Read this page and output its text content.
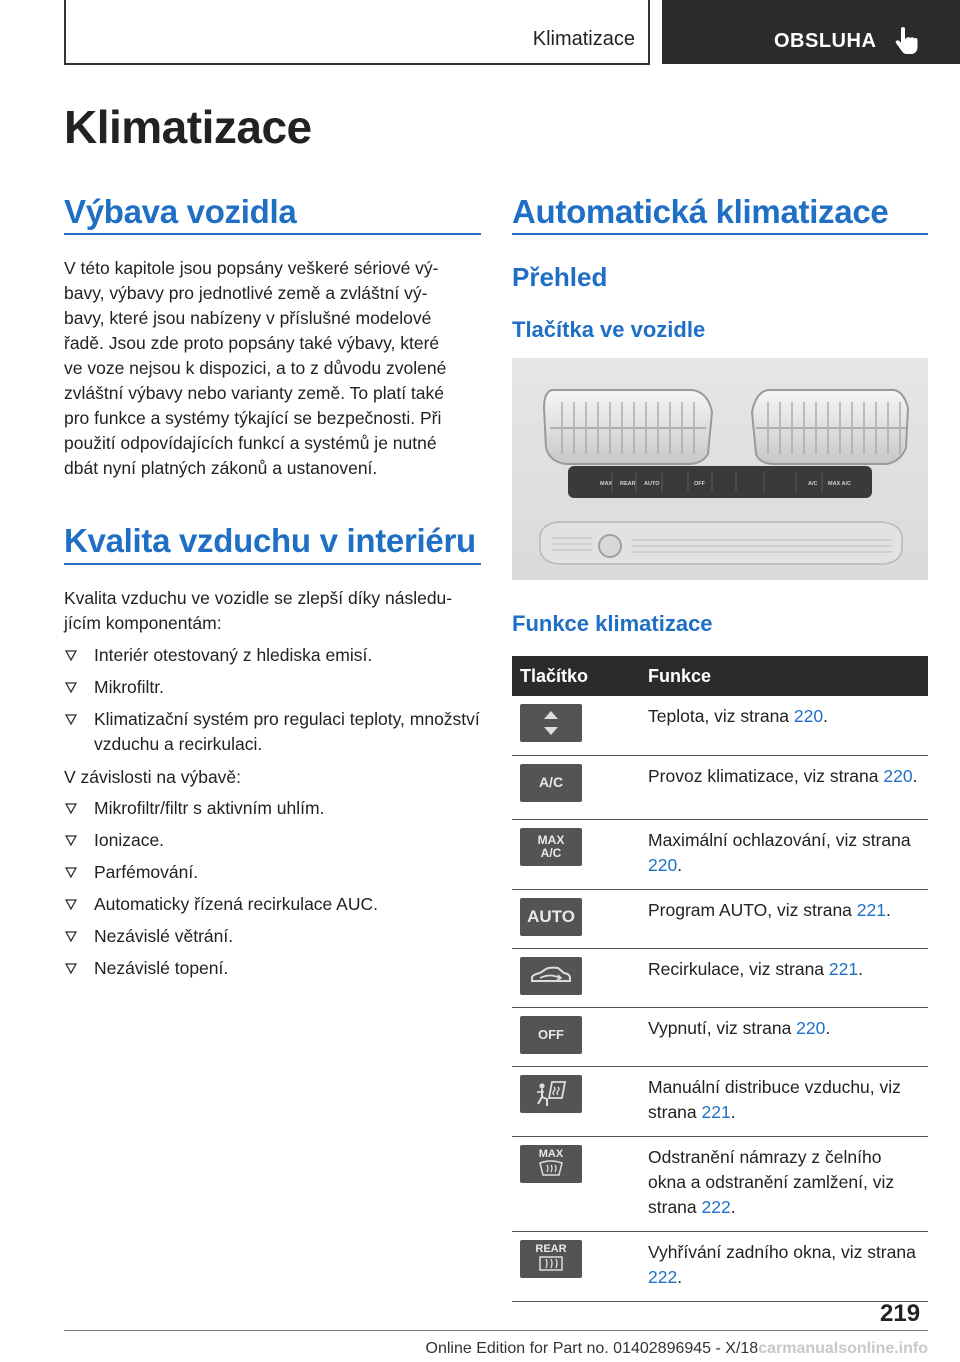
Klimatizace	OBSLUHA
Klimatizace
Výbava vozidla
V této kapitole jsou popsány veškeré sériové vý-
bavy, výbavy pro jednotlivé země a zvláštní vý-
bavy, které jsou nabízeny v příslušné modelové
řadě. Jsou zde proto popsány také výbavy, které
ve voze nejsou k dispozici, a to z důvodu zvolené
zvláštní výbavy nebo varianty země. To platí také
pro funkce a systémy týkající se bezpečnosti. Při
použití odpovídajících funkcí a systémů je nutné
dbát nyní platných zákonů a ustanovení.
Kvalita vzduchu v interiéru
Kvalita vzduchu ve vozidle se zlepší díky následu-
jícím komponentám:
Interiér otestovaný z hlediska emisí.
Mikrofiltr.
Klimatizační systém pro regulaci teploty, množství vzduchu a recirkulaci.
V závislosti na výbavě:
Mikrofiltr/filtr s aktivním uhlím.
Ionizace.
Parfémování.
Automaticky řízená recirkulace AUC.
Nezávislé větrání.
Nezávislé topení.
Automatická klimatizace
Přehled
Tlačítka ve vozidle
MAX REAR AUTO	OFF	A/C MAX A/C
Funkce klimatizace
Tlačítko	Funkce

	Teplota, viz strana 220.

A/C	Provoz klimatizace, viz strana 220.

MAX
A/C	Maximální ochlazování, viz strana 220.

AUTO	Program AUTO, viz strana 221.

	Recirkulace, viz strana 221.

OFF	Vypnutí, viz strana 220.

	Manuální distribuce vzduchu, viz strana 221.

MAX	Odstranění námrazy z čelního okna a odstranění zamlžení, viz strana 222.

REAR	Vyhřívání zadního okna, viz strana 222.
219
Online Edition for Part no. 01402896945 - X/18carmanualsonline.info
